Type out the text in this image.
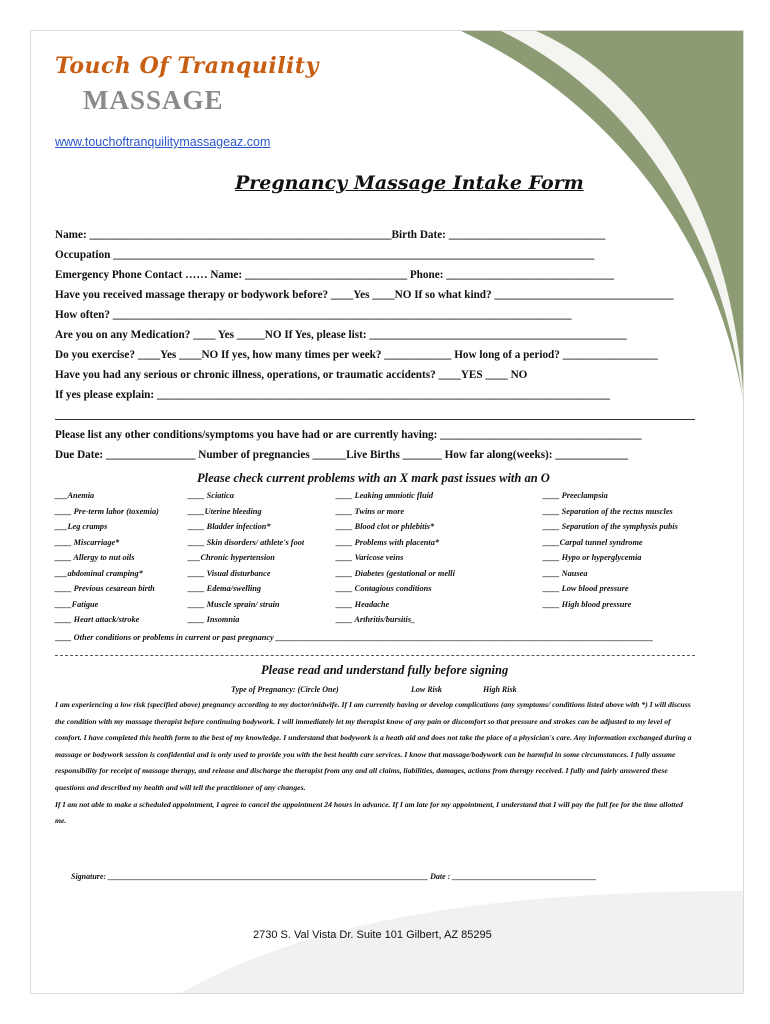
Touch Of Tranquility
MASSAGE
www.touchoftranquilitymassageaz.com
Pregnancy Massage Intake Form
Name: ______________________________________________________Birth Date: ____________________________
Occupation ______________________________________________________________________________________
Emergency Phone Contact …… Name: _____________________________ Phone: ______________________________
Have you received massage therapy or bodywork before? ____Yes ____NO If so what kind? ________________________________
How often? __________________________________________________________________________________
Are you on any Medication? ____ Yes _____NO If Yes, please list: ______________________________________________
Do you exercise? ____Yes ____NO If yes, how many times per week? ____________ How long of a period? _________________
Have you had any serious or chronic illness, operations, or traumatic accidents? ____YES ____ NO
If yes please explain: _________________________________________________________________________________
Please list any other conditions/symptoms you have had or are currently having: ____________________________________
Due Date: ________________ Number of pregnancies ______Live Births _______ How far along(weeks): _____________
Please check current problems with an X mark past issues with an O
___Anemia
____ Pre-term labor (toxemia)
___Leg cramps
____ Miscarriage*
____ Allergy to nut oils
___abdominal cramping*
____ Previous cesarean birth
____Fatigue
____ Heart attack/stroke
____ Sciatica
____Uterine bleeding
____ Bladder infection*
____ Skin disorders/ athlete's foot
___Chronic hypertension
____ Visual disturbance
____ Edema/swelling
____ Muscle sprain/ strain
____ Insomnia
____ Leaking amniotic fluid
____ Twins or more
____ Blood clot or phlebitis*
____ Problems with placenta*
____ Varicose veins
____ Diabetes (gestational or melli
____ Contagious conditions
____ Headache
____ Arthritis/bursitis_
____ Preeclampsia
____ Separation of the rectus muscles
____ Separation of the symphysis pubis
____Carpal tunnel syndrome
____ Hypo or hyperglycemia
____ Nausea
____ Low blood pressure
____ High blood pressure
____ Other conditions or problems in current or past pregnancy ___________________________________________________________________________________________
Please read and understand fully before signing
Type of Pregnancy: (Circle One)	Low Risk	High Risk

I am experiencing a low risk (specified above) pregnancy according to my doctor/midwife. If I am currently having or develop complications (any symptoms/ conditions listed above with *) I will discuss the condition with my massage therapist before continuing bodywork. I will immediately let my therapist know of any pain or discomfort so that pressure and strokes can be adjusted to my level of comfort. I have completed this health form to the best of my knowledge. I understand that bodywork is a heath aid and does not take the place of a physician's care. Any information exchanged during a massage or bodywork session is confidential and is only used to provide you with the best health care services. I know that massage/bodywork can be harmful in some circumstances. I fully assume responsibility for receipt of massage therapy, and release and discharge the therapist from any and all claims, liabilities, damages, actions from therapy received. I fully and fairly answered these questions and described my health and will tell the practitioner of any changes.

If I am not able to make a scheduled appointment, I agree to cancel the appointment 24 hours in advance. If I am late for my appointment, I understand that I will pay the full fee for the time allotted me.

Signature: ________________________________________________________________________________ Date : ____________________________________
2730 S. Val Vista Dr. Suite 101 Gilbert, AZ 85295
